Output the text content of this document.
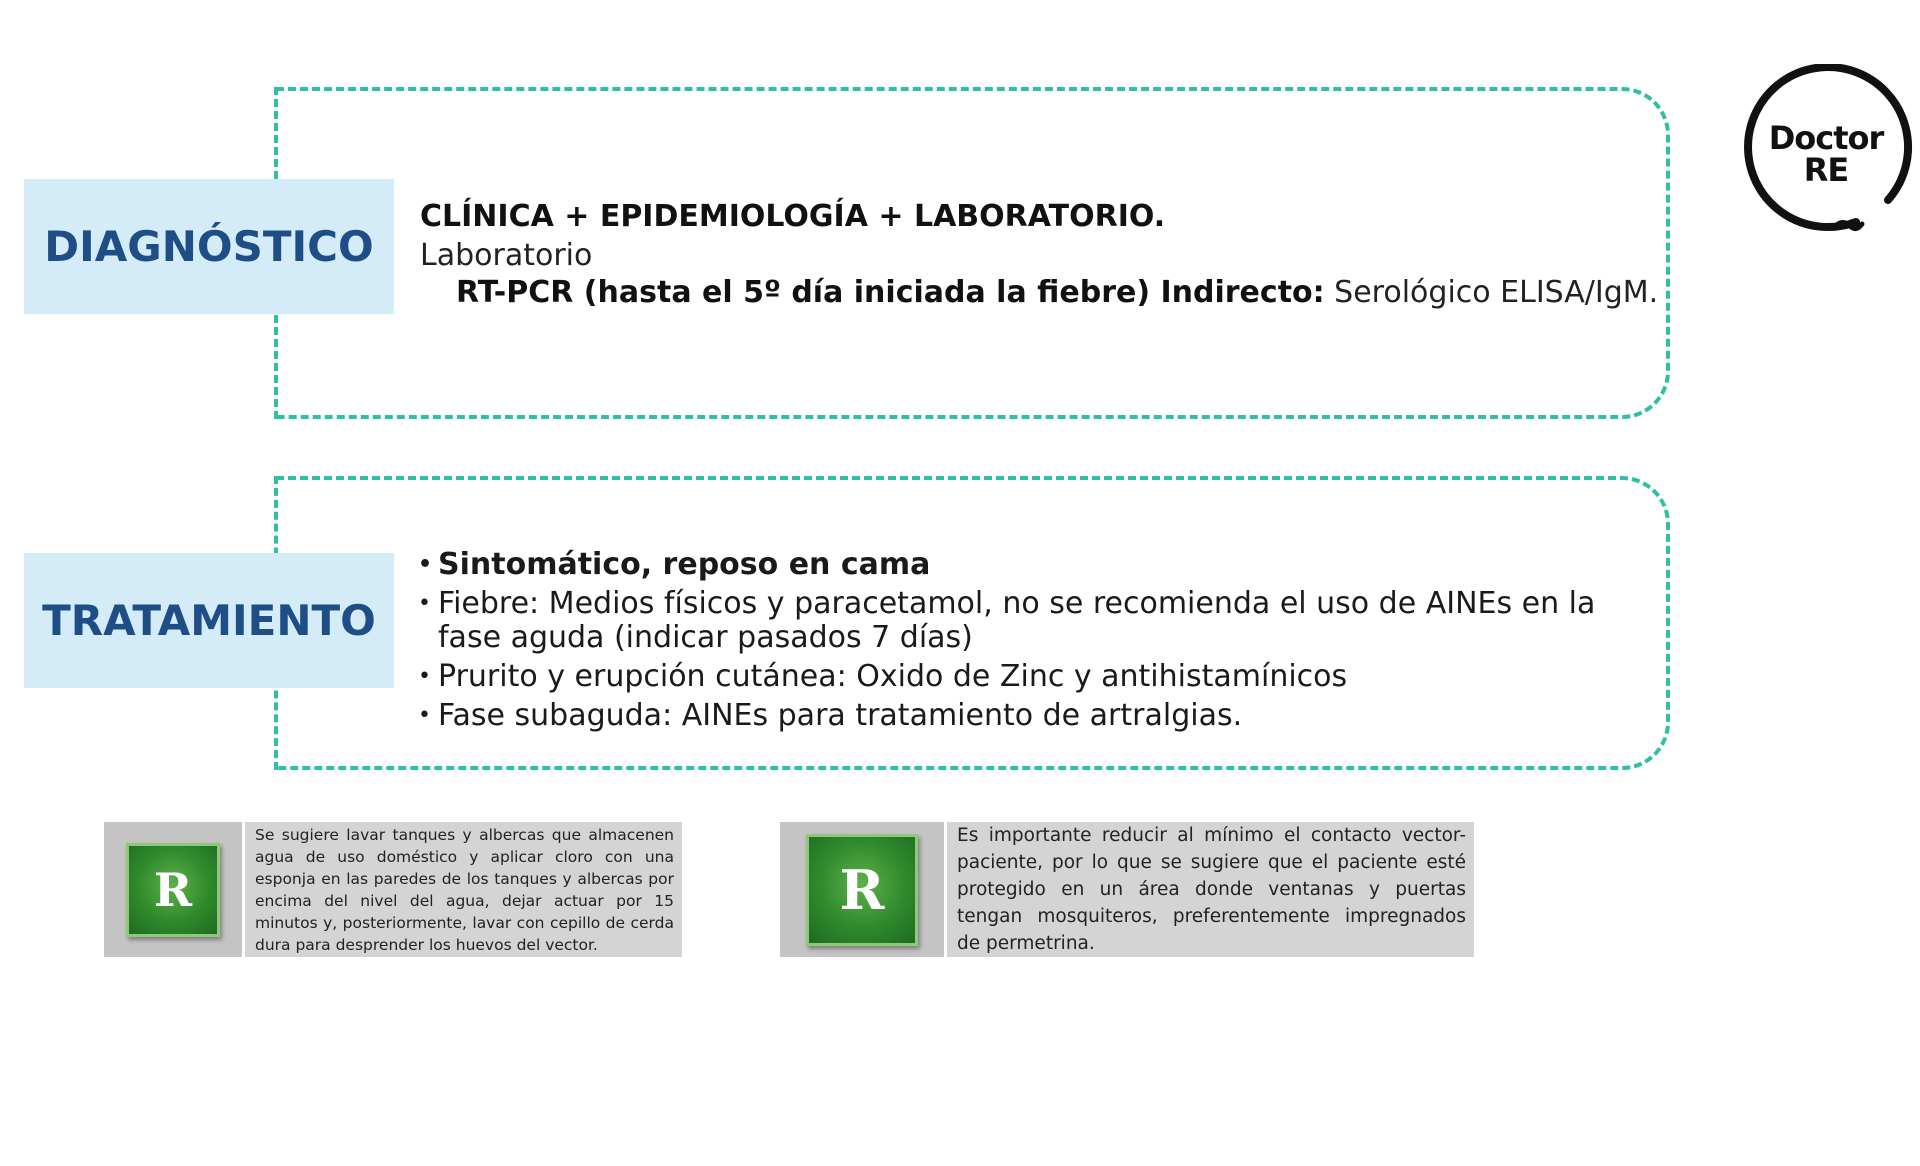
DIAGNÓSTICO
CLÍNICA + EPIDEMIOLOGÍA + LABORATORIO.
Laboratorio
RT-PCR (hasta el 5º día iniciada la fiebre) Indirecto: Serológico ELISA/IgM.
TRATAMIENTO
• Sintomático, reposo en cama
• Fiebre: Medios físicos y paracetamol, no se recomienda el uso de AINEs en la fase aguda (indicar pasados 7 días)
• Prurito y erupción cutánea: Oxido de Zinc y antihistamínicos
• Fase subaguda: AINEs para tratamiento de artralgias.
Doctor
RE
R
Se sugiere lavar tanques y albercas que almacenen agua de uso doméstico y aplicar cloro con una esponja en las paredes de los tanques y albercas por encima del nivel del agua, dejar actuar por 15 minutos y, posteriormente, lavar con cepillo de cerda dura para desprender los huevos del vector.
R
Es importante reducir al mínimo el contacto vector-paciente, por lo que se sugiere que el paciente esté protegido en un área donde ventanas y puertas tengan mosquiteros, preferentemente impregnados de permetrina.
